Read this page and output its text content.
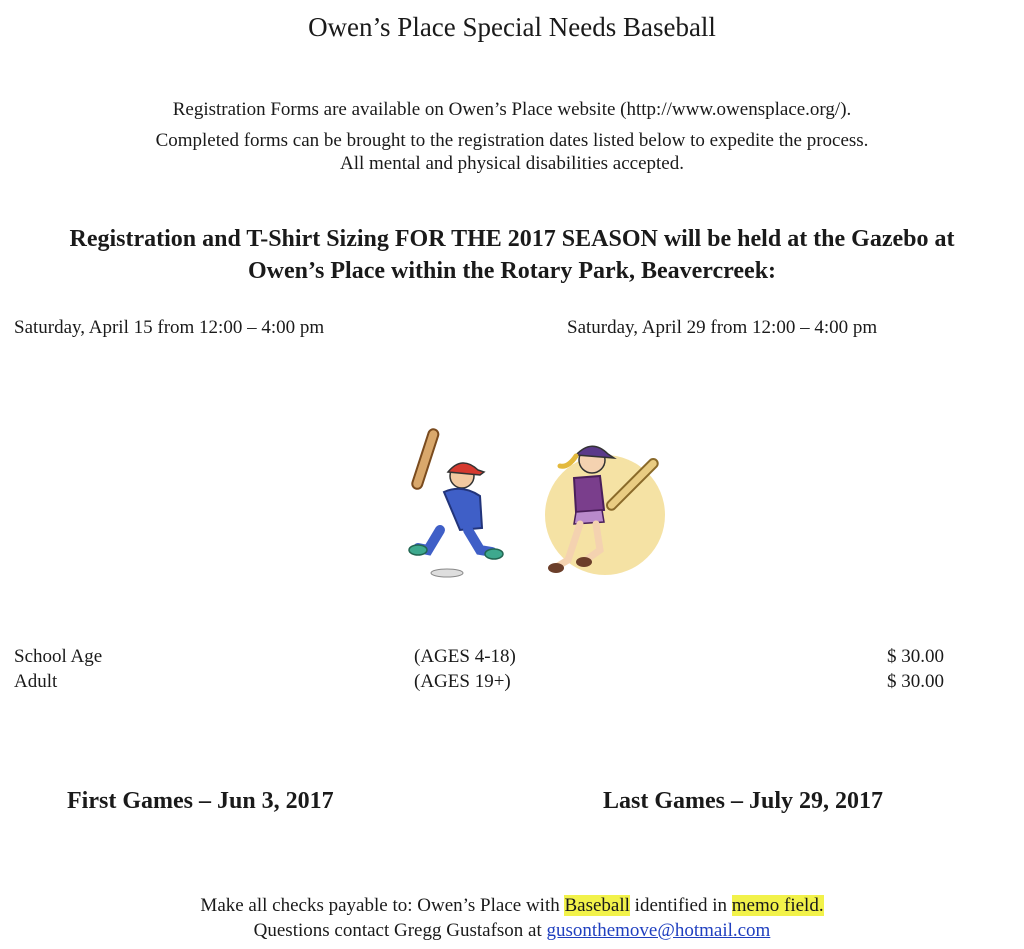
Owen’s Place Special Needs Baseball
Registration Forms are available on Owen’s Place website (http://www.owensplace.org/).
Completed forms can be brought to the registration dates listed below to expedite the process.
All mental and physical disabilities accepted.
Registration and T-Shirt Sizing FOR THE 2017 SEASON will be held at the Gazebo at
Owen’s Place within the Rotary Park, Beavercreek:
Saturday, April 15 from 12:00 – 4:00 pm	Saturday, April 29 from 12:00 – 4:00 pm
School Age	(AGES 4-18)	$ 30.00
Adult	(AGES 19+)	$ 30.00
First Games – Jun 3, 2017	Last Games – July 29, 2017
Make all checks payable to: Owen’s Place with Baseball identified in memo field.
Questions contact Gregg Gustafson at gusonthemove@hotmail.com
